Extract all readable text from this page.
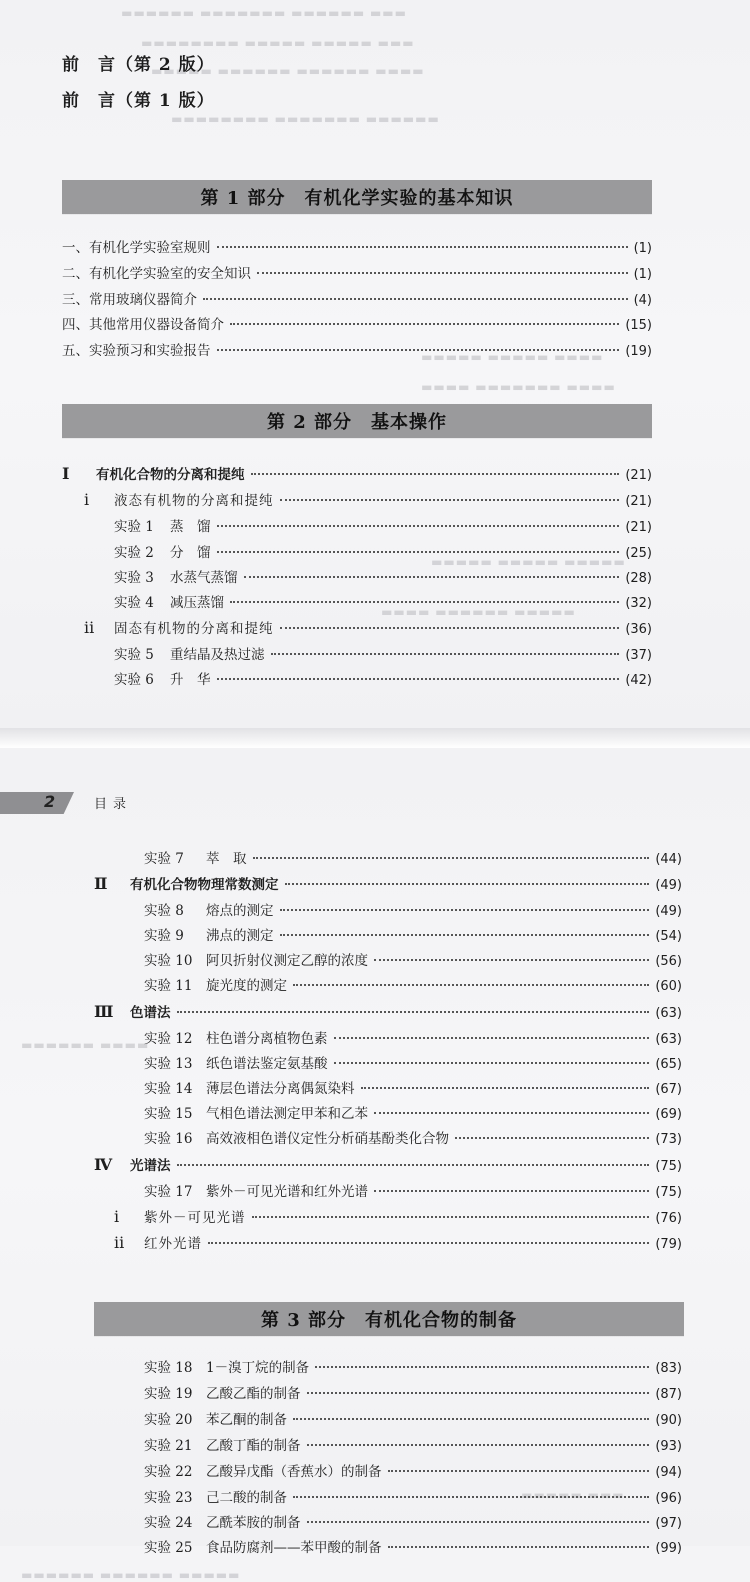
▬▬▬ ▬▬▬▬▬▬ ▬▬▬▬▬▬▬ ▬▬▬▬▬▬
▬▬▬ ▬▬▬▬▬ ▬▬▬▬▬ ▬▬▬▬▬▬▬▬
▬▬▬▬ ▬▬▬▬▬▬ ▬▬▬▬▬▬ ▬▬▬▬▬
▬▬▬▬▬▬ ▬▬▬▬▬▬▬ ▬▬▬▬▬▬▬▬
▬▬▬▬ ▬▬▬▬▬ ▬▬▬▬▬
▬▬▬▬ ▬▬▬▬▬▬▬ ▬▬▬▬
▬▬▬▬▬ ▬▬▬▬▬ ▬▬▬▬▬
▬▬▬▬▬ ▬▬▬▬▬▬ ▬▬▬▬
前　言（第 2 版）
前　言（第 1 版）
第 1 部分　有机化学实验的基本知识
一、有机化学实验室规则	(1)
二、有机化学实验室的安全知识	(1)
三、常用玻璃仪器简介	(4)
四、其他常用仪器设备简介	(15)
五、实验预习和实验报告	(19)
第 2 部分　基本操作
Ⅰ	有机化合物的分离和提纯	(21)
ⅰ	液态有机物的分离和提纯	(21)
实验 1	蒸　馏	(21)
实验 2	分　馏	(25)
实验 3	水蒸气蒸馏	(28)
实验 4	减压蒸馏	(32)
ⅱ	固态有机物的分离和提纯	(36)
实验 5	重结晶及热过滤	(37)
实验 6	升　华	(42)
▬▬▬▬ ▬▬▬▬▬▬
▬▬▬▬▬ ▬▬▬▬▬▬ ▬▬▬▬▬▬
▬▬▬ ▬▬▬▬▬
2	目录
实验 7	萃　取	(44)
Ⅱ	有机化合物物理常数测定	(49)
实验 8	熔点的测定	(49)
实验 9	沸点的测定	(54)
实验 10	阿贝折射仪测定乙醇的浓度	(56)
实验 11	旋光度的测定	(60)
Ⅲ	色谱法	(63)
实验 12	柱色谱分离植物色素	(63)
实验 13	纸色谱法鉴定氨基酸	(65)
实验 14	薄层色谱法分离偶氮染料	(67)
实验 15	气相色谱法测定甲苯和乙苯	(69)
实验 16	高效液相色谱仪定性分析硝基酚类化合物	(73)
Ⅳ	光谱法	(75)
实验 17	紫外－可见光谱和红外光谱	(75)
ⅰ	紫外－可见光谱	(76)
ⅱ	红外光谱	(79)
第 3 部分　有机化合物的制备
实验 18	1－溴丁烷的制备	(83)
实验 19	乙酸乙酯的制备	(87)
实验 20	苯乙酮的制备	(90)
实验 21	乙酸丁酯的制备	(93)
实验 22	乙酸异戊酯（香蕉水）的制备	(94)
实验 23	己二酸的制备	(96)
实验 24	乙酰苯胺的制备	(97)
实验 25	食品防腐剂——苯甲酸的制备	(99)
